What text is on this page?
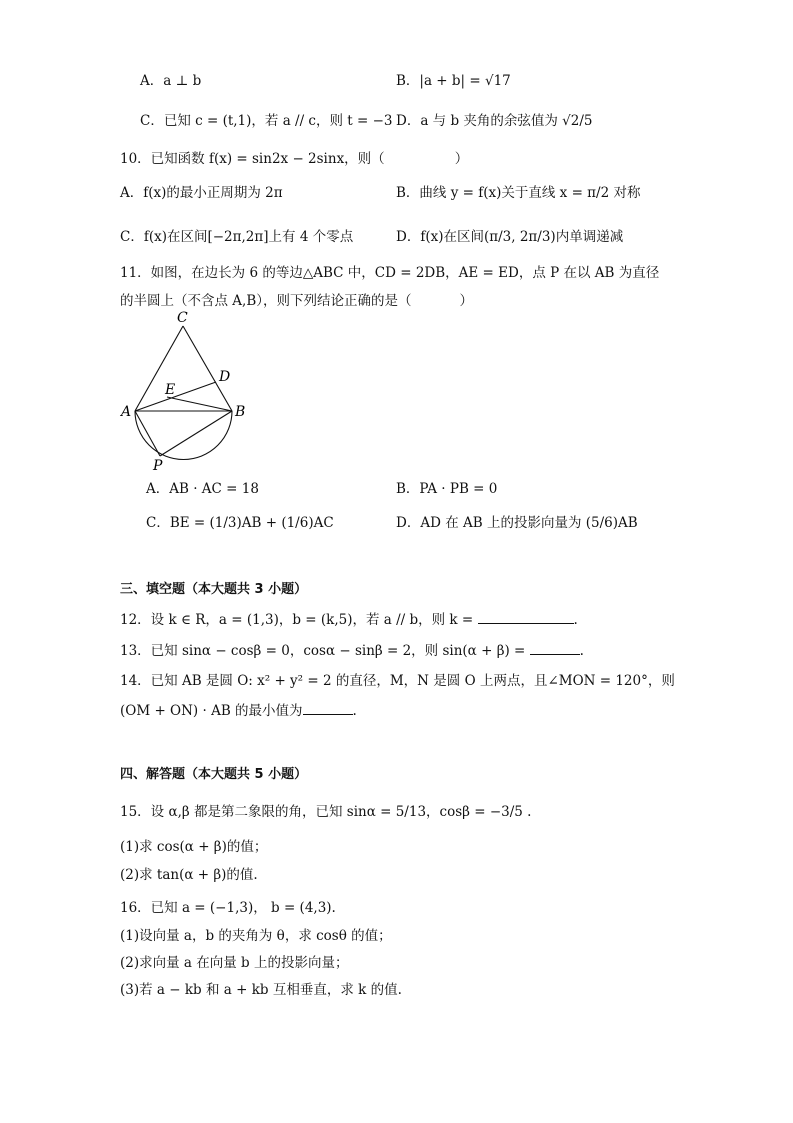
A．a ⊥ b	B．|a + b| = √17
C．已知 c = (t,1)，若 a // c，则 t = −3 D．a 与 b 夹角的余弦值为 √2/5
10．已知函数 f(x) = sin2x − 2sinx，则（	）
A．f(x)的最小正周期为 2π	B．曲线 y = f(x)关于直线 x = π/2 对称
C．f(x)在区间[−2π,2π]上有 4 个零点	D．f(x)在区间(π/3, 2π/3)内单调递减
11．如图，在边长为 6 的等边△ABC 中，CD = 2DB，AE = ED，点 P 在以 AB 为直径
的半圆上（不含点 A,B），则下列结论正确的是（	）
C
D
E
A	B
P
A．AB · AC = 18	B．PA · PB = 0
C．BE = (1/3)AB + (1/6)AC	D．AD 在 AB 上的投影向量为 (5/6)AB
三、填空题（本大题共 3 小题）
12．设 k ∈ R，a = (1,3)，b = (k,5)，若 a // b，则 k =	.
13．已知 sinα − cosβ = 0，cosα − sinβ = 2，则 sin(α + β) =	.
14．已知 AB 是圆 O: x² + y² = 2 的直径，M，N 是圆 O 上两点，且∠MON = 120°，则
(OM + ON) · AB 的最小值为	.
四、解答题（本大题共 5 小题）
15．设 α,β 都是第二象限的角，已知 sinα = 5/13，cosβ = −3/5 .
(1)求 cos(α + β)的值；
(2)求 tan(α + β)的值.
16．已知 a = (−1,3)， b = (4,3).
(1)设向量 a，b 的夹角为 θ，求 cosθ 的值；
(2)求向量 a 在向量 b 上的投影向量；
(3)若 a − kb 和 a + kb 互相垂直，求 k 的值.
